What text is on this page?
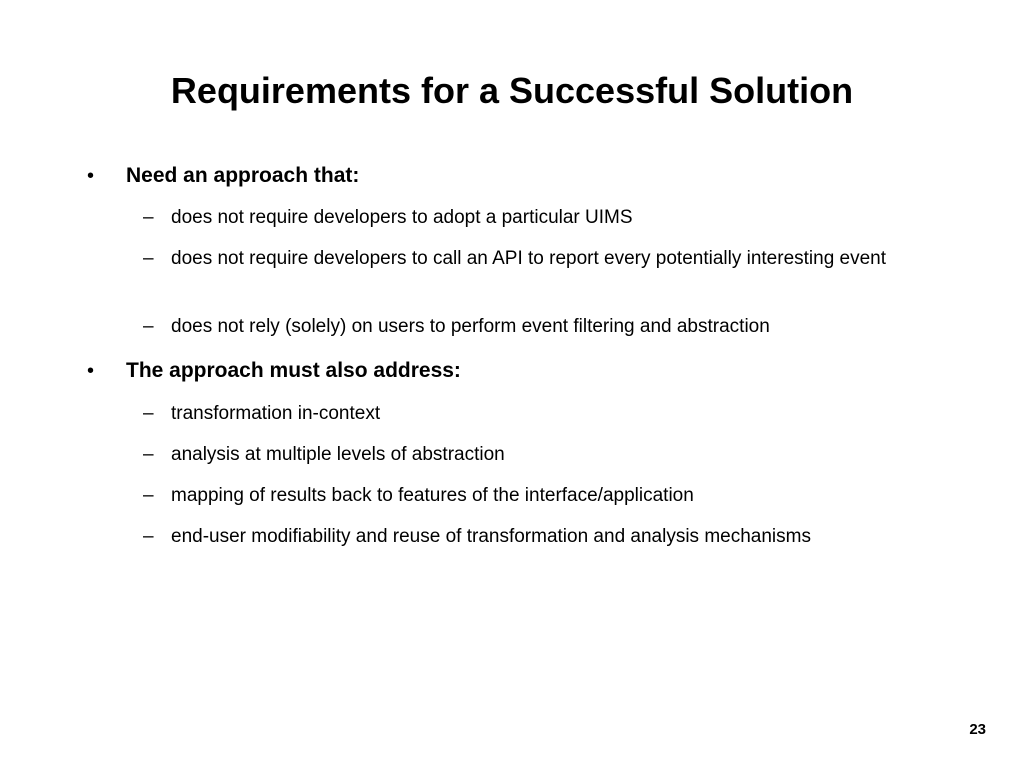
Requirements for a Successful Solution
• Need an approach that:
– does not require developers to adopt a particular UIMS
– does not require developers to call an API to report every potentially interesting event
– does not rely (solely) on users to perform event filtering and abstraction
• The approach must also address:
– transformation in-context
– analysis at multiple levels of abstraction
– mapping of results back to features of the interface/application
– end-user modifiability and reuse of transformation and analysis mechanisms
23
